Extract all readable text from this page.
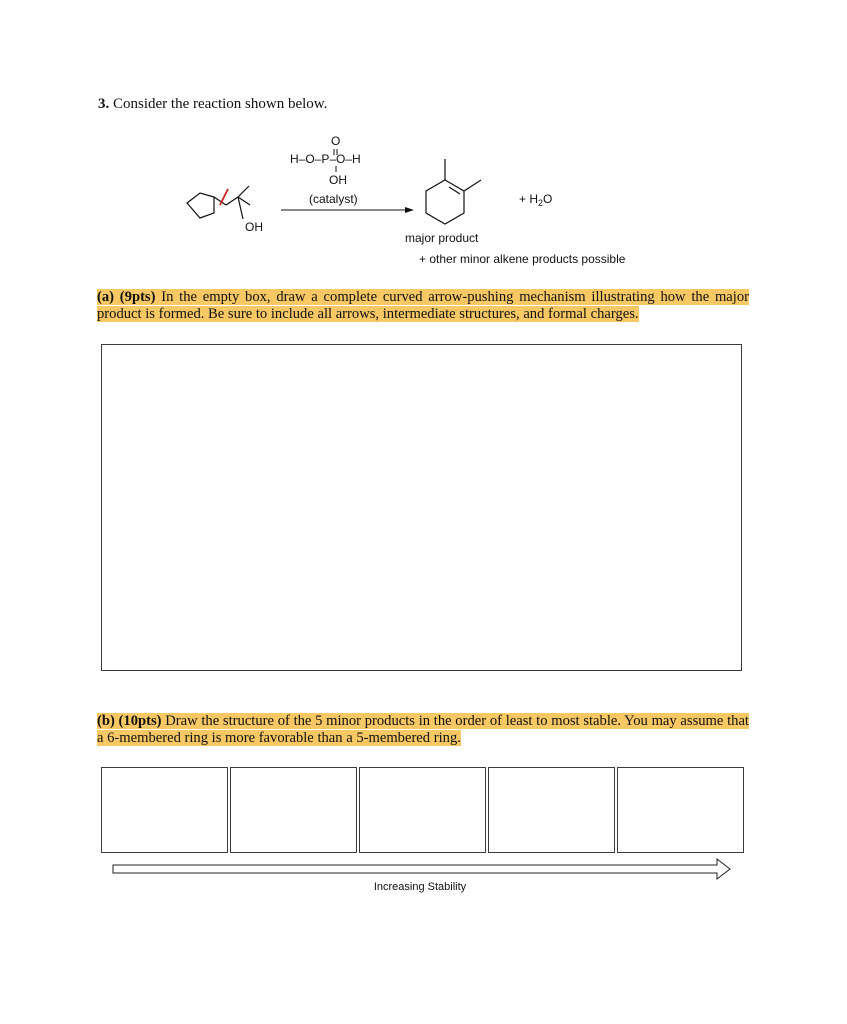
3. Consider the reaction shown below.
OH
O
H–O–P–O–H
OH
(catalyst)	+ $H_2O$
major product
+ other minor alkene products possible
(a) (9pts) In the empty box, draw a complete curved arrow-pushing mechanism illustrating how the major product is formed. Be sure to include all arrows, intermediate structures, and formal charges.
(b) (10pts) Draw the structure of the 5 minor products in the order of least to most stable. You may assume that a 6-membered ring is more favorable than a 5-membered ring.
Increasing Stability
